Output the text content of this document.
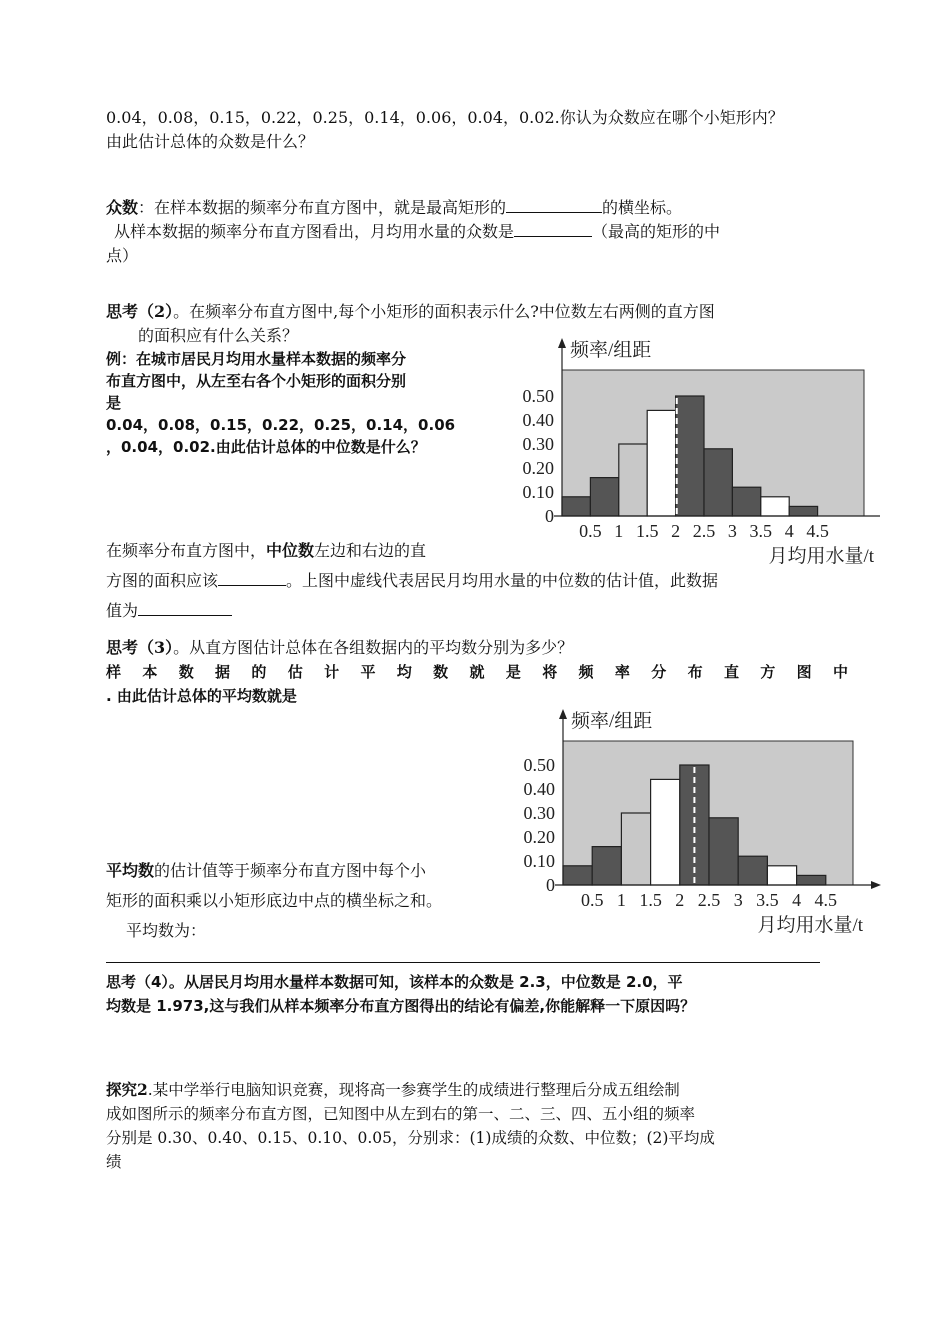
0.04，0.08，0.15，0.22，0.25，0.14，0.06，0.04，0.02.你认为众数应在哪个小矩形内？
由此估计总体的众数是什么？
众数：在样本数据的频率分布直方图中，就是最高矩形的	的横坐标。
从样本数据的频率分布直方图看出，月均用水量的众数是	（最高的矩形的中
点）
思考（2）。在频率分布直方图中,每个小矩形的面积表示什么?中位数左右两侧的直方图
的面积应有什么关系？
例：在城市居民月均用水量样本数据的频率分
布直方图中，从左至右各个小矩形的面积分别
是
0.04，0.08，0.15，0.22，0.25，0.14，0.06
，0.04，0.02.由此估计总体的中位数是什么？
0
0.10
0.20
0.30
0.40
0.50
0.5 1 1.5 2 2.5 3 3.5 4 4.5
频率/组距
月均用水量/t
在频率分布直方图中，中位数左边和右边的直
方图的面积应该	。上图中虚线代表居民月均用水量的中位数的估计值，此数据
值为
思考（3）。从直方图估计总体在各组数据内的平均数分别为多少？
样 本 数 据 的 估 计 平 均 数 就 是 将 频 率 分 布 直 方 图 中
. 由此估计总体的平均数就是
0
0.10
0.20
0.30
0.40
0.50
0.5 1 1.5 2 2.5 3 3.5 4 4.5
频率/组距
月均用水量/t
平均数的估计值等于频率分布直方图中每个小
矩形的面积乘以小矩形底边中点的横坐标之和。
平均数为：
思考（4）。从居民月均用水量样本数据可知，该样本的众数是 2.3，中位数是 2.0，平
均数是 1.973,这与我们从样本频率分布直方图得出的结论有偏差,你能解释一下原因吗？
探究2.某中学举行电脑知识竞赛，现将高一参赛学生的成绩进行整理后分成五组绘制
成如图所示的频率分布直方图，已知图中从左到右的第一、二、三、四、五小组的频率
分别是 0.30、0.40、0.15、0.10、0.05，分别求：(1)成绩的众数、中位数；(2)平均成
绩
